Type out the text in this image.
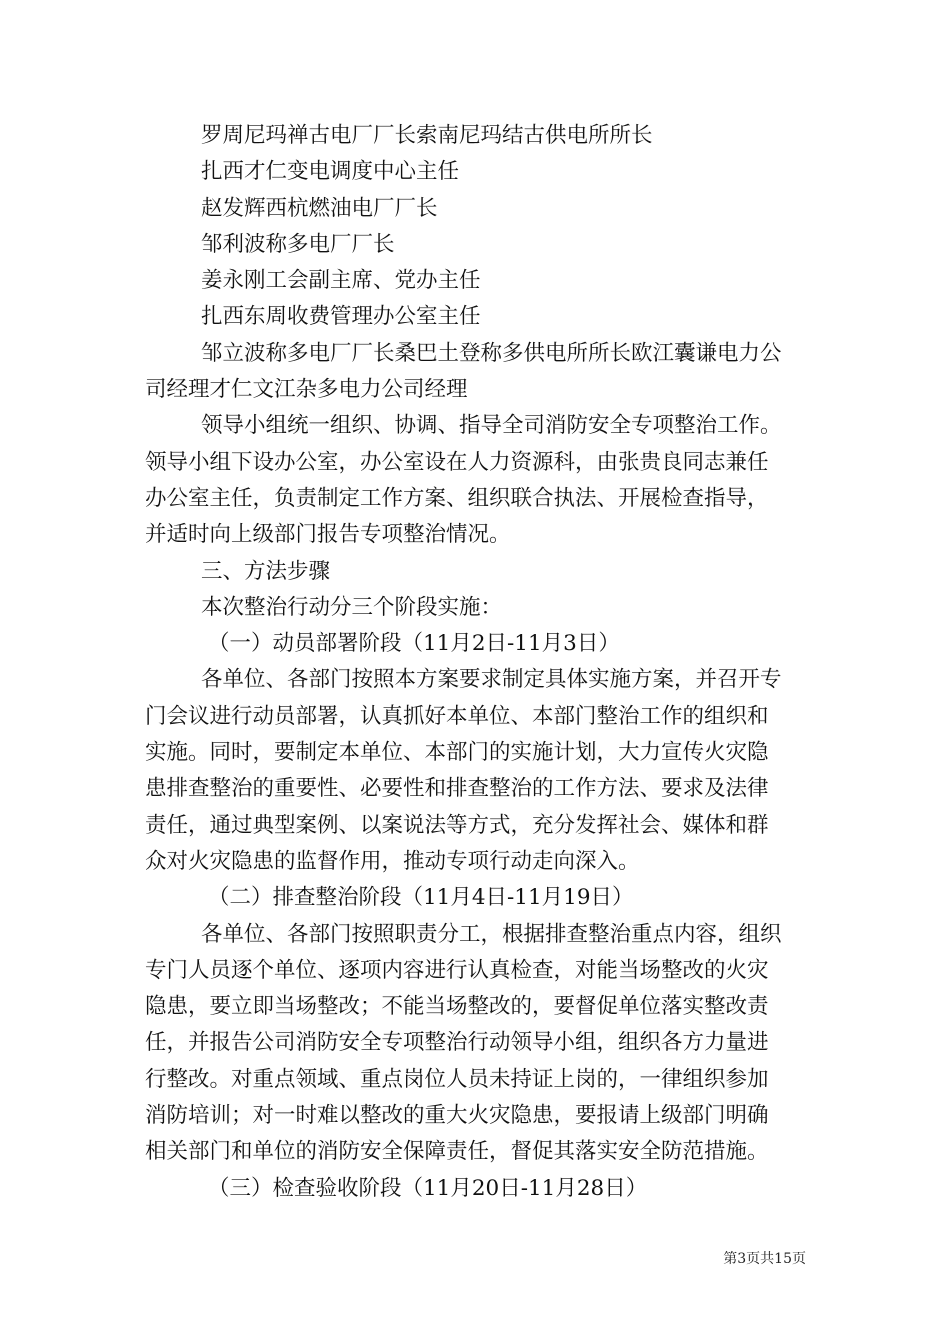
罗周尼玛禅古电厂厂长索南尼玛结古供电所所长
扎西才仁变电调度中心主任
赵发辉西杭燃油电厂厂长
邹利波称多电厂厂长
姜永刚工会副主席、党办主任
扎西东周收费管理办公室主任
邹立波称多电厂厂长桑巴土登称多供电所所长欧江囊谦电力公
司经理才仁文江杂多电力公司经理
领导小组统一组织、协调、指导全司消防安全专项整治工作。
领导小组下设办公室，办公室设在人力资源科，由张贵良同志兼任
办公室主任，负责制定工作方案、组织联合执法、开展检查指导，
并适时向上级部门报告专项整治情况。
三、方法步骤
本次整治行动分三个阶段实施：
（一）动员部署阶段（11月2日-11月3日）
各单位、各部门按照本方案要求制定具体实施方案，并召开专
门会议进行动员部署，认真抓好本单位、本部门整治工作的组织和
实施。同时，要制定本单位、本部门的实施计划，大力宣传火灾隐
患排查整治的重要性、必要性和排查整治的工作方法、要求及法律
责任，通过典型案例、以案说法等方式，充分发挥社会、媒体和群
众对火灾隐患的监督作用，推动专项行动走向深入。
（二）排查整治阶段（11月4日-11月19日）
各单位、各部门按照职责分工，根据排查整治重点内容，组织
专门人员逐个单位、逐项内容进行认真检查，对能当场整改的火灾
隐患，要立即当场整改；不能当场整改的，要督促单位落实整改责
任，并报告公司消防安全专项整治行动领导小组，组织各方力量进
行整改。对重点领域、重点岗位人员未持证上岗的，一律组织参加
消防培训；对一时难以整改的重大火灾隐患，要报请上级部门明确
相关部门和单位的消防安全保障责任，督促其落实安全防范措施。
（三）检查验收阶段（11月20日-11月28日）
第3页共15页
